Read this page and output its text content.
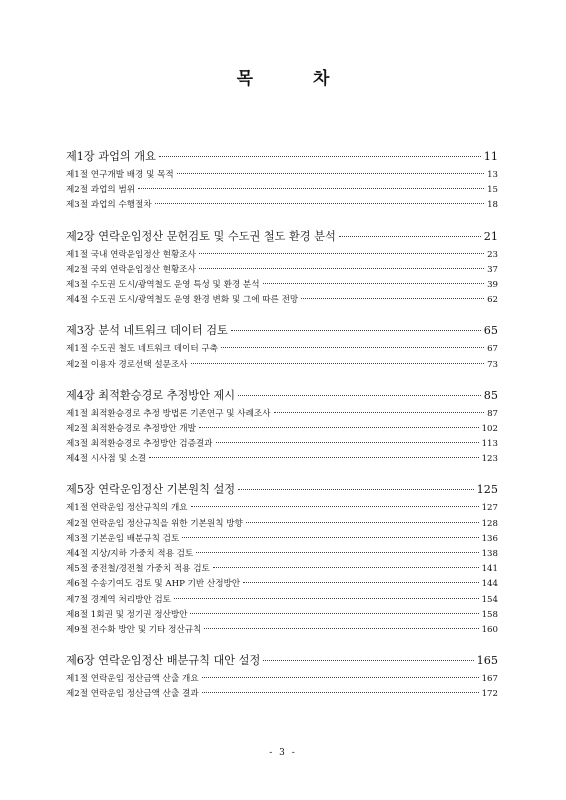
목	차
제1장 과업의 개요	11
제1절 연구개발 배경 및 목적	13
제2절 과업의 범위	15
제3절 과업의 수행절차	18
제2장 연락운임정산 문헌검토 및 수도권 철도 환경 분석	21
제1절 국내 연락운임정산 현황조사	23
제2절 국외 연락운임정산 현황조사	37
제3절 수도권 도시/광역철도 운영 특성 및 환경 분석	39
제4절 수도권 도시/광역철도 운영 환경 변화 및 그에 따른 전망	62
제3장 분석 네트워크 데이터 검토	65
제1절 수도권 철도 네트워크 데이터 구축	67
제2절 이용자 경로선택 설문조사	73
제4장 최적환승경로 추정방안 제시	85
제1절 최적환승경로 추정 방법론 기존연구 및 사례조사	87
제2절 최적환승경로 추정방안 개발	102
제3절 최적환승경로 추정방안 검증결과	113
제4절 시사점 및 소결	123
제5장 연락운임정산 기본원칙 설정	125
제1절 연락운임 정산규칙의 개요	127
제2절 연락운임 정산규칙을 위한 기본원칙 방향	128
제3절 기본운임 배분규칙 검토	136
제4절 지상/지하 가중치 적용 검토	138
제5절 중전철/경전철 가중치 적용 검토	141
제6절 수송기여도 검토 및 AHP 기반 산정방안	144
제7절 경계역 처리방안 검토	154
제8절 1회권 및 정기권 정산방안	158
제9절 전수화 방안 및 기타 정산규칙	160
제6장 연락운임정산 배분규칙 대안 설정	165
제1절 연락운임 정산금액 산출 개요	167
제2절 연락운임 정산금액 산출 결과	172
- 3 -
